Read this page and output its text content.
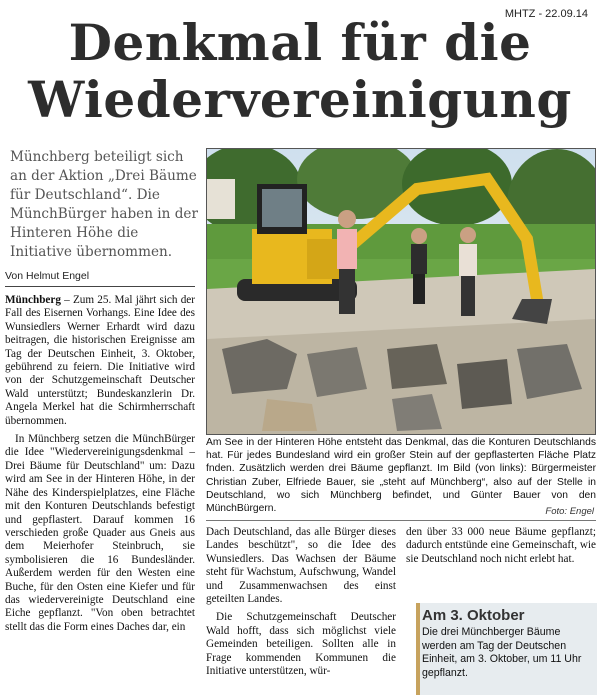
MHTZ - 22.09.14
Denkmal für die
Wiedervereinigung
Münchberg beteiligt sich an der Aktion „Drei Bäume für Deutschland“. Die MünchBürger haben in der Hinteren Höhe die Initiative übernommen.
Von Helmut Engel

Münchberg – Zum 25. Mal jährt sich der Fall des Eisernen Vorhangs. Eine Idee des Wunsiedlers Werner Erhardt wird dazu beitragen, die historischen Ereignisse am Tag der Deutschen Einheit, 3. Oktober, gebührend zu feiern. Die Initiative wird von der Schutzgemeinschaft Deutscher Wald unterstützt; Bundeskanzlerin Dr. Angela Merkel hat die Schirmherrschaft übernommen.

In Münchberg setzen die MünchBürger die Idee "Wiedervereinigungsdenkmal – Drei Bäume für Deutschland" um: Dazu wird am See in der Hinteren Höhe, in der Nähe des Kinderspielplatzes, eine Fläche mit den Konturen Deutschlands befestigt und gepflastert. Darauf kommen 16 verschieden große Quader aus Gneis aus dem Meierhofer Steinbruch, sie symbolisieren die 16 Bundesländer. Außerdem werden für den Westen eine Buche, für den Osten eine Kiefer und für das wiedervereinigte Deutschland eine Eiche gepflanzt. "Von oben betrachtet stellt das die Form eines Daches dar, ein

Am See in der Hinteren Höhe entsteht das Denkmal, das die Konturen Deutschlands hat. Für jedes Bundesland wird ein großer Stein auf der gepflasterten Fläche Platz fnden. Zusätzlich werden drei Bäume gepflanzt. Im Bild (von links): Bürgermeister Christian Zuber, Elfriede Bauer, sie „steht auf Münchberg“, also auf der Stelle in Deutschland, wo sich Münchberg befindet, und Günter Bauer von den MünchBürgern.	Foto: Engel

Dach Deutschland, das alle Bürger dieses Landes beschützt", so die Idee des Wunsiedlers. Das Wachsen der Bäume steht für Wachstum, Aufschwung, Wandel und Zusammenwachsen des einst geteilten Landes.

Die Schutzgemeinschaft Deutscher Wald hofft, dass sich möglichst viele Gemeinden beteiligen. Sollten alle in Frage kommenden Kommunen die Initiative unterstützen, wür-

den über 33 000 neue Bäume gepflanzt; dadurch entstünde eine Gemeinschaft, wie sie Deutschland noch nicht erlebt hat.

Am 3. Oktober
Die drei Münchberger Bäume werden am Tag der Deutschen Einheit, am 3. Oktober, um 11 Uhr gepflanzt.
